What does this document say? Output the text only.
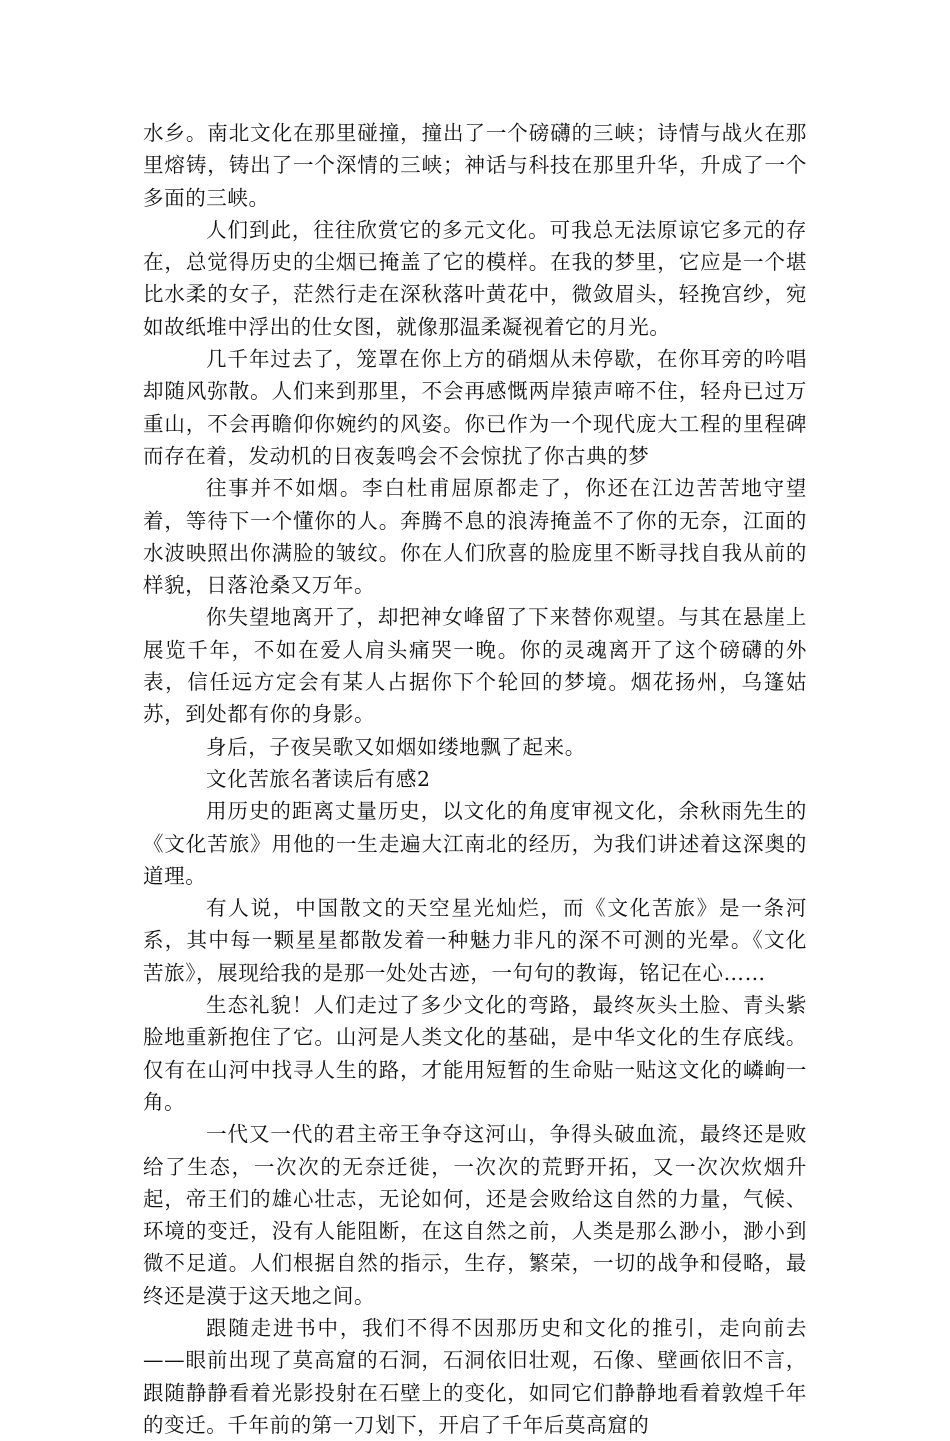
水乡。南北文化在那里碰撞，撞出了一个磅礴的三峡；诗情与战火在那里熔铸，铸出了一个深情的三峡；神话与科技在那里升华，升成了一个多面的三峡。

人们到此，往往欣赏它的多元文化。可我总无法原谅它多元的存在，总觉得历史的尘烟已掩盖了它的模样。在我的梦里，它应是一个堪比水柔的女子，茫然行走在深秋落叶黄花中，微敛眉头，轻挽宫纱，宛如故纸堆中浮出的仕女图，就像那温柔凝视着它的月光。

几千年过去了，笼罩在你上方的硝烟从未停歇，在你耳旁的吟唱却随风弥散。人们来到那里，不会再感慨两岸猿声啼不住，轻舟已过万重山，不会再瞻仰你婉约的风姿。你已作为一个现代庞大工程的里程碑而存在着，发动机的日夜轰鸣会不会惊扰了你古典的梦

往事并不如烟。李白杜甫屈原都走了，你还在江边苦苦地守望着，等待下一个懂你的人。奔腾不息的浪涛掩盖不了你的无奈，江面的水波映照出你满脸的皱纹。你在人们欣喜的脸庞里不断寻找自我从前的样貌，日落沧桑又万年。

你失望地离开了，却把神女峰留了下来替你观望。与其在悬崖上展览千年，不如在爱人肩头痛哭一晚。你的灵魂离开了这个磅礴的外表，信任远方定会有某人占据你下个轮回的梦境。烟花扬州，乌篷姑苏，到处都有你的身影。

身后，子夜吴歌又如烟如缕地飘了起来。

文化苦旅名著读后有感2

用历史的距离丈量历史，以文化的角度审视文化，余秋雨先生的《文化苦旅》用他的一生走遍大江南北的经历，为我们讲述着这深奥的道理。

有人说，中国散文的天空星光灿烂，而《文化苦旅》是一条河系，其中每一颗星星都散发着一种魅力非凡的深不可测的光晕。《文化苦旅》，展现给我的是那一处处古迹，一句句的教诲，铭记在心……

生态礼貌！人们走过了多少文化的弯路，最终灰头土脸、青头紫脸地重新抱住了它。山河是人类文化的基础，是中华文化的生存底线。仅有在山河中找寻人生的路，才能用短暂的生命贴一贴这文化的嶙峋一角。

一代又一代的君主帝王争夺这河山，争得头破血流，最终还是败给了生态，一次次的无奈迁徙，一次次的荒野开拓，又一次次炊烟升起，帝王们的雄心壮志，无论如何，还是会败给这自然的力量，气候、环境的变迁，没有人能阻断，在这自然之前，人类是那么渺小，渺小到微不足道。人们根据自然的指示，生存，繁荣，一切的战争和侵略，最终还是漠于这天地之间。

跟随走进书中，我们不得不因那历史和文化的推引，走向前去——眼前出现了莫高窟的石洞，石洞依旧壮观，石像、壁画依旧不言，跟随静静看着光影投射在石壁上的变化，如同它们静静地看着敦煌千年的变迁。千年前的第一刀划下，开启了千年后莫高窟的
